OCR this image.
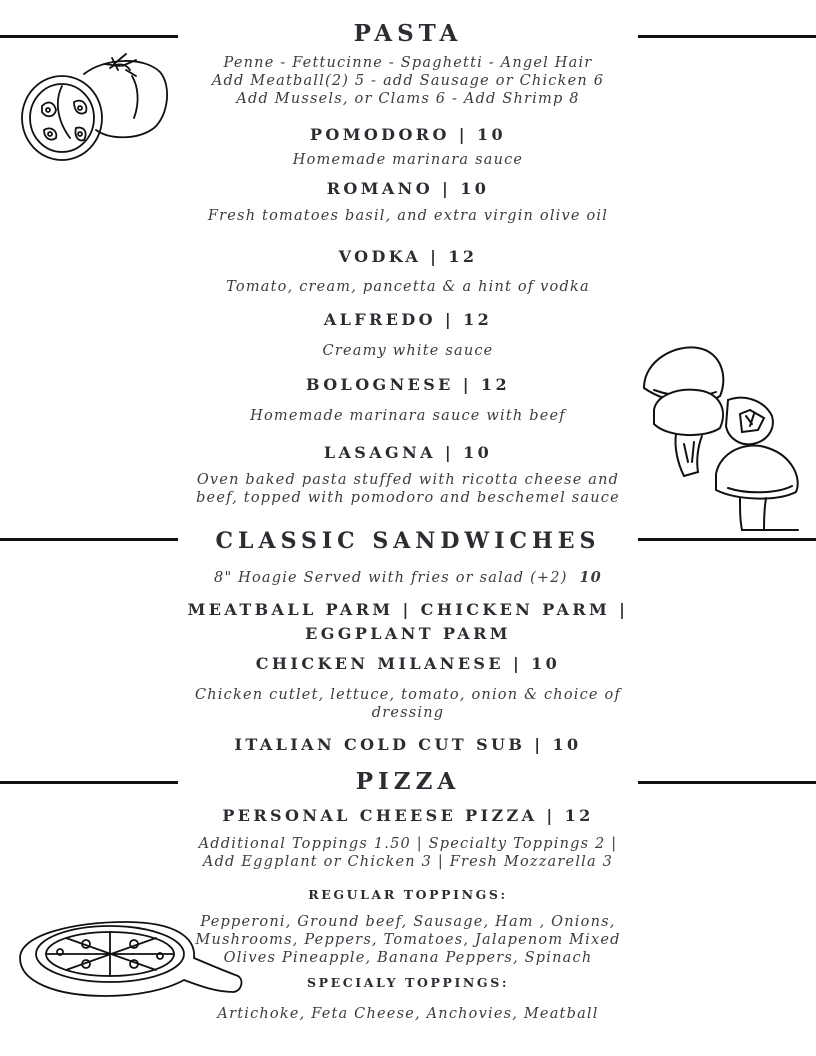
PASTA
Penne - Fettucinne - Spaghetti - Angel Hair
Add Meatball(2) 5 - add Sausage or Chicken 6
Add Mussels, or Clams 6 - Add Shrimp 8
POMODORO | 10
Homemade marinara sauce
ROMANO | 10
Fresh tomatoes basil, and extra virgin olive oil
VODKA | 12
Tomato, cream, pancetta & a hint of vodka
ALFREDO | 12
Creamy white sauce
BOLOGNESE | 12
Homemade marinara sauce with beef
LASAGNA | 10
Oven baked pasta stuffed with ricotta cheese and
beef, topped with pomodoro and beschemel sauce
CLASSIC SANDWICHES
8" Hoagie Served with fries or salad (+2) 10
MEATBALL PARM | CHICKEN PARM |
EGGPLANT PARM
CHICKEN MILANESE | 10
Chicken cutlet, lettuce, tomato, onion & choice of
dressing
ITALIAN COLD CUT SUB | 10
PIZZA
PERSONAL CHEESE PIZZA | 12
Additional Toppings 1.50 | Specialty Toppings 2 |
Add Eggplant or Chicken 3 | Fresh Mozzarella 3
REGULAR TOPPINGS:
Pepperoni, Ground beef, Sausage, Ham , Onions,
Mushrooms, Peppers, Tomatoes, Jalapenom Mixed
Olives Pineapple, Banana Peppers, Spinach
SPECIALY TOPPINGS:
Artichoke, Feta Cheese, Anchovies, Meatball
